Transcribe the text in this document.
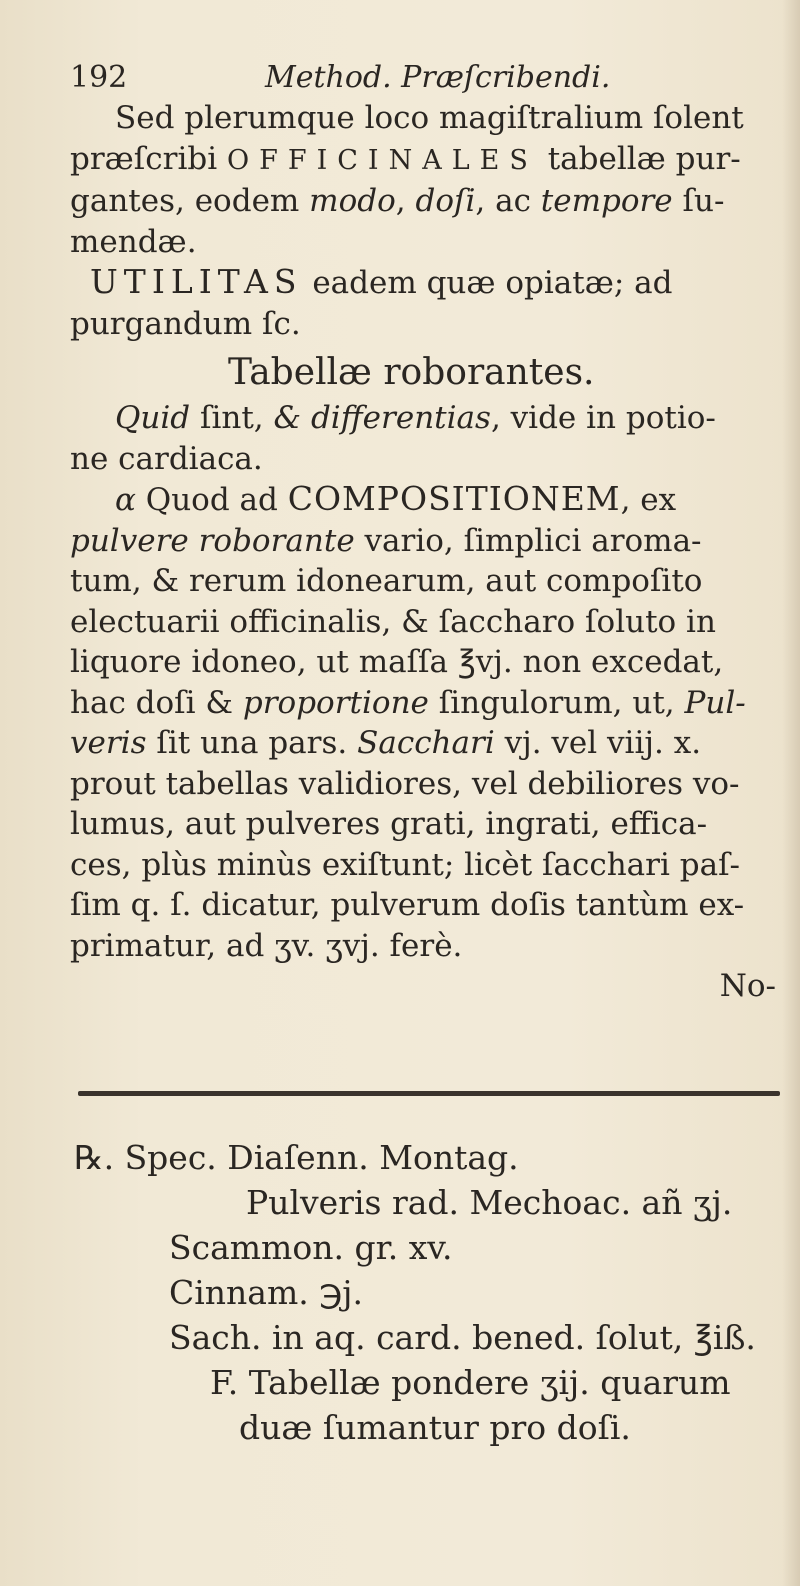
192	Method. Præſcribendi.
Sed plerumque loco magiſtralium ſolent
præſcribi OFFICINALES tabellæ pur-
gantes, eodem modo, doſi, ac tempore ſu-
mendæ.
UTILITAS eadem quæ opiatæ; ad
purgandum ſc.
Tabellæ roborantes.
Quid ſint, & differentias, vide in potio-
ne cardiaca.
α Quod ad COMPOSITIONEM, ex
pulvere roborante vario, ſimplici aroma-
tum, & rerum idonearum, aut compoſito
electuarii officinalis, & ſaccharo ſoluto in
liquore idoneo, ut maſſa ℥vj. non excedat,
hac doſi & proportione ſingulorum, ut, Pul-
veris ſit una pars. Sacchari vj. vel viij. x.
prout tabellas validiores, vel debiliores vo-
lumus, aut pulveres grati, ingrati, effica-
ces, plùs minùs exiſtunt; licèt ſacchari paſ-
ſim q. ſ. dicatur, pulverum doſis tantùm ex-
primatur, ad ʒv. ʒvj. ferè.
No-
℞. Spec. Diaſenn. Montag.
Pulveris rad. Mechoac. añ ʒj.
Scammon. gr. xv.
Cinnam. ℈j.
Sach. in aq. card. bened. ſolut, ℥iß.
F. Tabellæ pondere ʒij. quarum
duæ ſumantur pro doſi.
